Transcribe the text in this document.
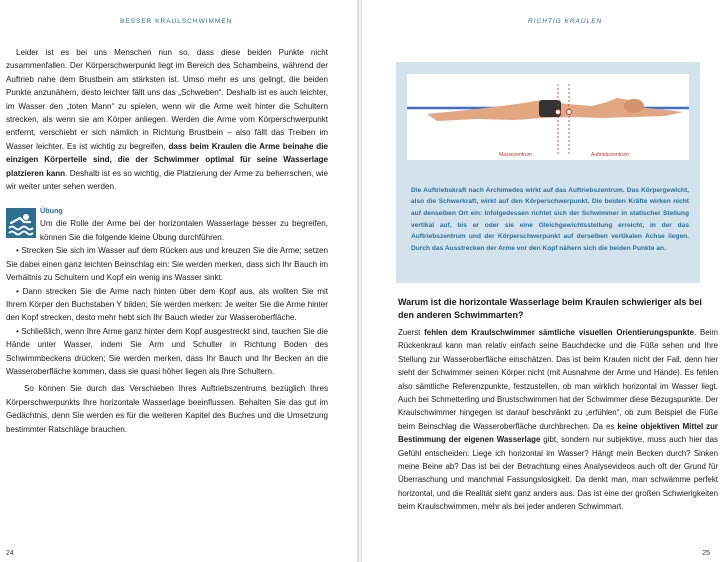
BESSER KRAULSCHWIMMEN

Leider ist es bei uns Menschen nun so, dass diese beiden Punkte nicht zusammenfallen. Der Körperschwerpunkt liegt im Bereich des Schambeins, während der Auftrieb nahe dem Brustbein am stärksten ist. Umso mehr es uns gelingt, die beiden Punkte anzunähern, desto leichter fällt uns das „Schweben“. Deshalb ist es auch leichter, im Wasser den „toten Mann“ zu spielen, wenn wir die Arme weit hinter die Schultern strecken, als wenn sie am Körper anliegen. Werden die Arme vom Körperschwerpunkt entfernt, verschiebt er sich nämlich in Richtung Brustbein – also fällt das Treiben im Wasser leichter. Es ist wichtig zu begreifen, dass beim Kraulen die Arme beinahe die einzigen Körperteile sind, die der Schwimmer optimal für seine Wasserlage platzieren kann. Deshalb ist es so wichtig, die Platzierung der Arme zu beherrschen, wie wir weiter unter sehen werden.

Übung

Um die Rolle der Arme bei der horizontalen Wasserlage besser zu begreifen, können Sie die folgende kleine Übung durchführen.

• Strecken Sie sich im Wasser auf dem Rücken aus und kreuzen Sie die Arme; setzen Sie dabei einen ganz leichten Beinschlag ein: Sie werden merken, dass sich Ihr Bauch im Verhältnis zu Schultern und Kopf ein wenig ins Wasser sinkt.

• Dann strecken Sie die Arme nach hinten über dem Kopf aus, als wollten Sie mit Ihrem Körper den Buchstaben Y bilden; Sie werden merken: Je weiter Sie die Arme hinter den Kopf strecken, desto mehr hebt sich Ihr Bauch wieder zur Wasseroberfläche.

• Schließlich, wenn Ihre Arme ganz hinter dem Kopf ausgestreckt sind, tauchen Sie die Hände unter Wasser, indem Sie Arm und Schulter in Richtung Boden des Schwimmbeckens drücken; Sie werden merken, dass Ihr Bauch und Ihr Becken an die Wasseroberfläche kommen, dass sie quasi höher liegen als Ihre Schultern.

So können Sie durch das Verschieben Ihres Auftriebszentrums bezüglich Ihres Körperschwerpunkts Ihre horizontale Wasserlage beeinflussen. Behalten Sie das gut im Gedächtnis, denn Sie werden es für die weiteren Kapitel des Buches und die Umsetzung bestimmter Ratschläge brauchen.

24
RICHTIG KRAULEN
Massezentrum	Auftriebszentrum

Die Auftriebskraft nach Archimedes wirkt auf das Auftriebszentrum. Das Körpergewicht, also die Schwerkraft, wirkt auf den Körperschwerpunkt. Die beiden Kräfte wirken nicht auf denselben Ort ein: Infolgedessen richtet sich der Schwimmer in statischer Stellung vertikal auf, bis er oder sie eine Gleichgewichtsstellung erreicht, in der das Auftriebszentrum und der Körperschwerpunkt auf derselben vertikalen Achse liegen. Durch das Ausstrecken der Arme vor den Kopf nähern sich die beiden Punkte an.

Warum ist die horizontale Wasserlage beim Kraulen schwieriger als bei den anderen Schwimmarten?

Zuerst fehlen dem Kraulschwimmer sämtliche visuellen Orientierungspunkte. Beim Rückenkraul kann man relativ einfach seine Bauchdecke und die Füße sehen und Ihre Stellung zur Wasseroberfläche einschätzen. Das ist beim Kraulen nicht der Fall, denn hier sieht der Schwimmer seinen Körper nicht (mit Ausnahme der Arme und Hände). Es fehlen also sämtliche Referenzpunkte, festzustellen, ob man wirklich horizontal im Wasser liegt. Auch bei Schmetterling und Brustschwimmen hat der Schwimmer diese Bezugspunkte. Der Kraulschwimmer hingegen ist darauf beschränkt zu „erfühlen“, ob zum Beispiel die Füße beim Beinschlag die Wasseroberfläche durchbrechen. Da es keine objektiven Mittel zur Bestimmung der eigenen Wasserlage gibt, sondern nur subjektive, muss auch hier das Gefühl entscheiden: Liege ich horizontal im Wasser? Hängt mein Becken durch? Sinken meine Beine ab? Das ist bei der Betrachtung eines Analysevideos auch oft der Grund für Überraschung und manchmal Fassungslosigkeit. Da denkt man, man schwämme perfekt horizontal, und die Realität sieht ganz anders aus. Das ist eine der großen Schwierigkeiten beim Kraulschwimmen, mehr als bei jeder anderen Schwimmart.

25
